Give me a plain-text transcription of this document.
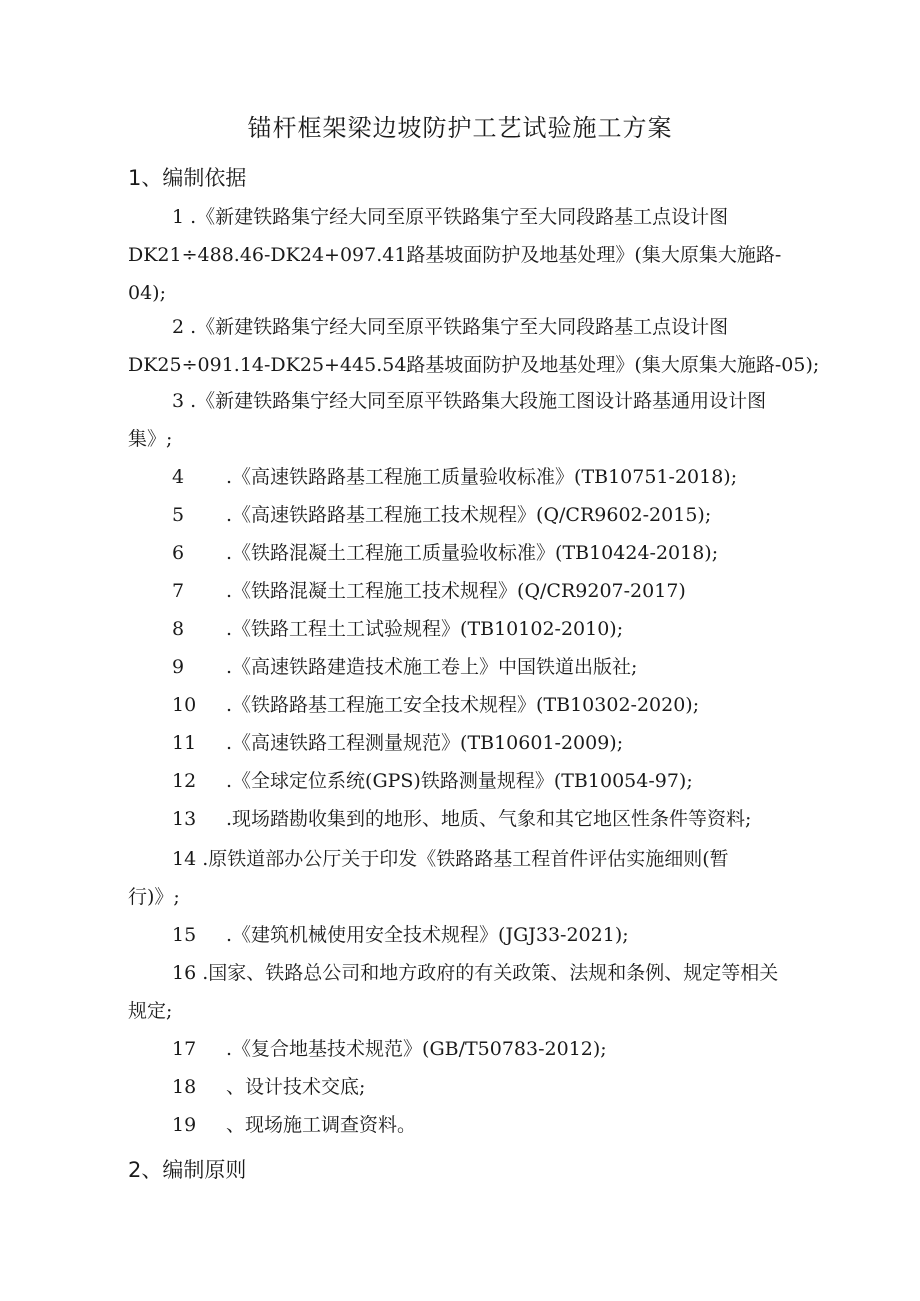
锚杆框架梁边坡防护工艺试验施工方案
1、编制依据
1 .《新建铁路集宁经大同至原平铁路集宁至大同段路基工点设计图
DK21÷488.46-DK24+097.41路基坡面防护及地基处理》(集大原集大施路-
04);
2 .《新建铁路集宁经大同至原平铁路集宁至大同段路基工点设计图
DK25÷091.14-DK25+445.54路基坡面防护及地基处理》(集大原集大施路-05);
3 .《新建铁路集宁经大同至原平铁路集大段施工图设计路基通用设计图
集》;
4 .《高速铁路路基工程施工质量验收标准》(TB10751-2018);
5 .《高速铁路路基工程施工技术规程》(Q/CR9602-2015);
6 .《铁路混凝土工程施工质量验收标准》(TB10424-2018);
7 .《铁路混凝土工程施工技术规程》(Q/CR9207-2017)
8 .《铁路工程土工试验规程》(TB10102-2010);
9 .《高速铁路建造技术施工卷上》中国铁道出版社;
10 .《铁路路基工程施工安全技术规程》(TB10302-2020);
11 .《高速铁路工程测量规范》(TB10601-2009);
12 .《全球定位系统(GPS)铁路测量规程》(TB10054-97);
13 .现场踏勘收集到的地形、地质、气象和其它地区性条件等资料;
14 .原铁道部办公厅关于印发《铁路路基工程首件评估实施细则(暂
行)》;
15 .《建筑机械使用安全技术规程》(JGJ33-2021);
16 .国家、铁路总公司和地方政府的有关政策、法规和条例、规定等相关
规定;
17 .《复合地基技术规范》(GB/T50783-2012);
18 、设计技术交底;
19 、现场施工调查资料。
2、编制原则
